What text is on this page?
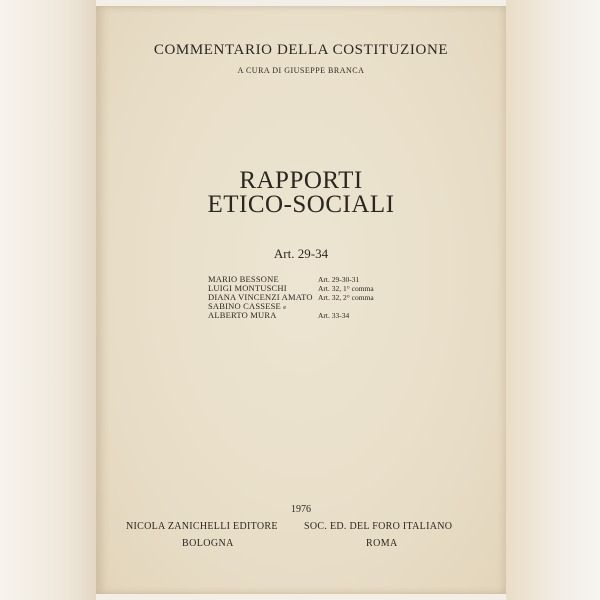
COMMENTARIO DELLA COSTITUZIONE
A CURA DI GIUSEPPE BRANCA
RAPPORTI
ETICO-SOCIALI
Art. 29-34
MARIO BESSONE	Art. 29-30-31
LUIGI MONTUSCHI	Art. 32, 1° comma
DIANA VINCENZI AMATO Art. 32, 2° comma
SABINO CASSESE e
ALBERTO MURA	Art. 33-34
1976
NICOLA ZANICHELLI EDITORE	SOC. ED. DEL FORO ITALIANO
BOLOGNA	ROMA
